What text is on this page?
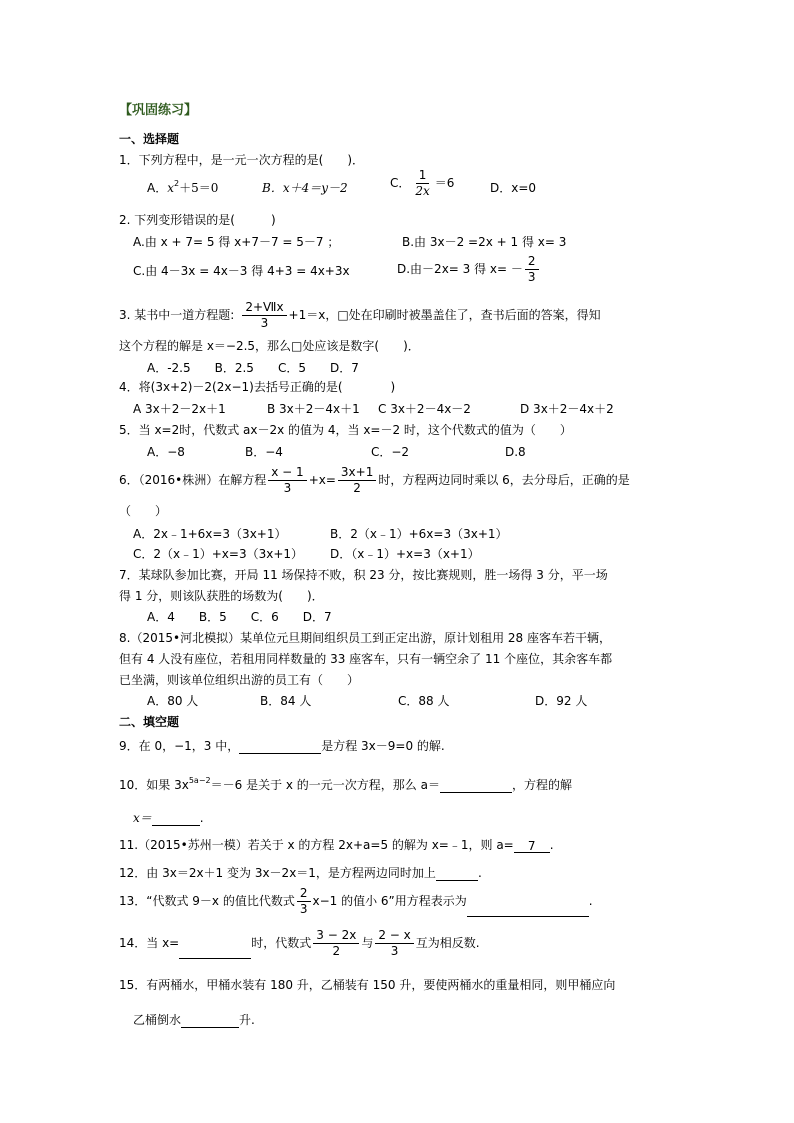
【巩固练习】
一、选择题
1．下列方程中，是一元一次方程的是(　　)．
A．$x^2+5=0$	B．x＋4＝y－2	C． $\frac{1}{2x} =6$	D．x=0
2. 下列变形错误的是(　　　)
A.由 x + 7= 5 得 x+7－7 = 5－7 ；	B.由 3x－2 =2x + 1 得 x= 3
C.由 4－3x = 4x－3 得 4+3 = 4x+3x	D.由－2x= 3 得 $x= - \frac{2}{3}$
3. 某书中一道方程题: $\frac{\text{2+Ⅶx}}{3} +1=x$，□处在印刷时被墨盖住了，查书后面的答案，得知
这个方程的解是 x＝−2.5，那么□处应该是数字(　　)．
A．-2.5　　B．2.5　　C．5　　D．7
4．将(3x+2)－2(2x−1)去括号正确的是(　　　　)
A 3x＋2－2x＋1	B 3x＋2－4x＋1 C 3x＋2－4x－2	D 3x＋2－4x＋2
5．当 x=2时，代数式 ax－2x 的值为 4，当 x=－2 时，这个代数式的值为（　　）
A．−8	B．−4	C．−2	D.8
6．（2016•株洲）在解方程 $\frac{x - 1}{3} +x= \frac{3x+1}{2}$ 时，方程两边同时乘以 6，去分母后，正确的是
（　　）
A．2x﹣1+6x=3（3x+1）	B．2（x﹣1）+6x=3（3x+1）
C．2（x﹣1）+x=3（3x+1） D．（x﹣1）+x=3（x+1）
7．某球队参加比赛，开局 11 场保持不败，积 23 分，按比赛规则，胜一场得 3 分，平一场
得 1 分，则该队获胜的场数为(　　)．
A．4　　B．5　　C．6　　D．7
8.（2015•河北模拟）某单位元旦期间组织员工到正定出游，原计划租用 28 座客车若干辆，
但有 4 人没有座位，若租用同样数量的 33 座客车，只有一辆空余了 11 个座位，其余客车都
已坐满，则该单位组织出游的员工有（　　）
A．80 人	B．84 人	C．88 人	D．92 人
二、填空题
9．在 0，−1，3 中，	是方程 3x－9=0 的解.
10．如果 $3x^{5a-2}=-6$ 是关于 x 的一元一次方程，那么 a＝	，方程的解
x＝	.
11.（2015•苏州一模）若关于 x 的方程 2x+a=5 的解为 x=﹣1，则 a= 7 .
12．由 3x＝2x＋1 变为 3x－2x＝1，是方程两边同时加上	.
13．“代数式 9－x 的值比代数式 $\frac{2}{3} x-1$ 的值小 6”用方程表示为	.
14．当 x=	时，代数式 $\frac{3 - 2x}{2}$ 与 $\frac{2 - x}{3}$ 互为相反数.
15．有两桶水，甲桶水装有 180 升，乙桶装有 150 升，要使两桶水的重量相同，则甲桶应向
乙桶倒水	升.
